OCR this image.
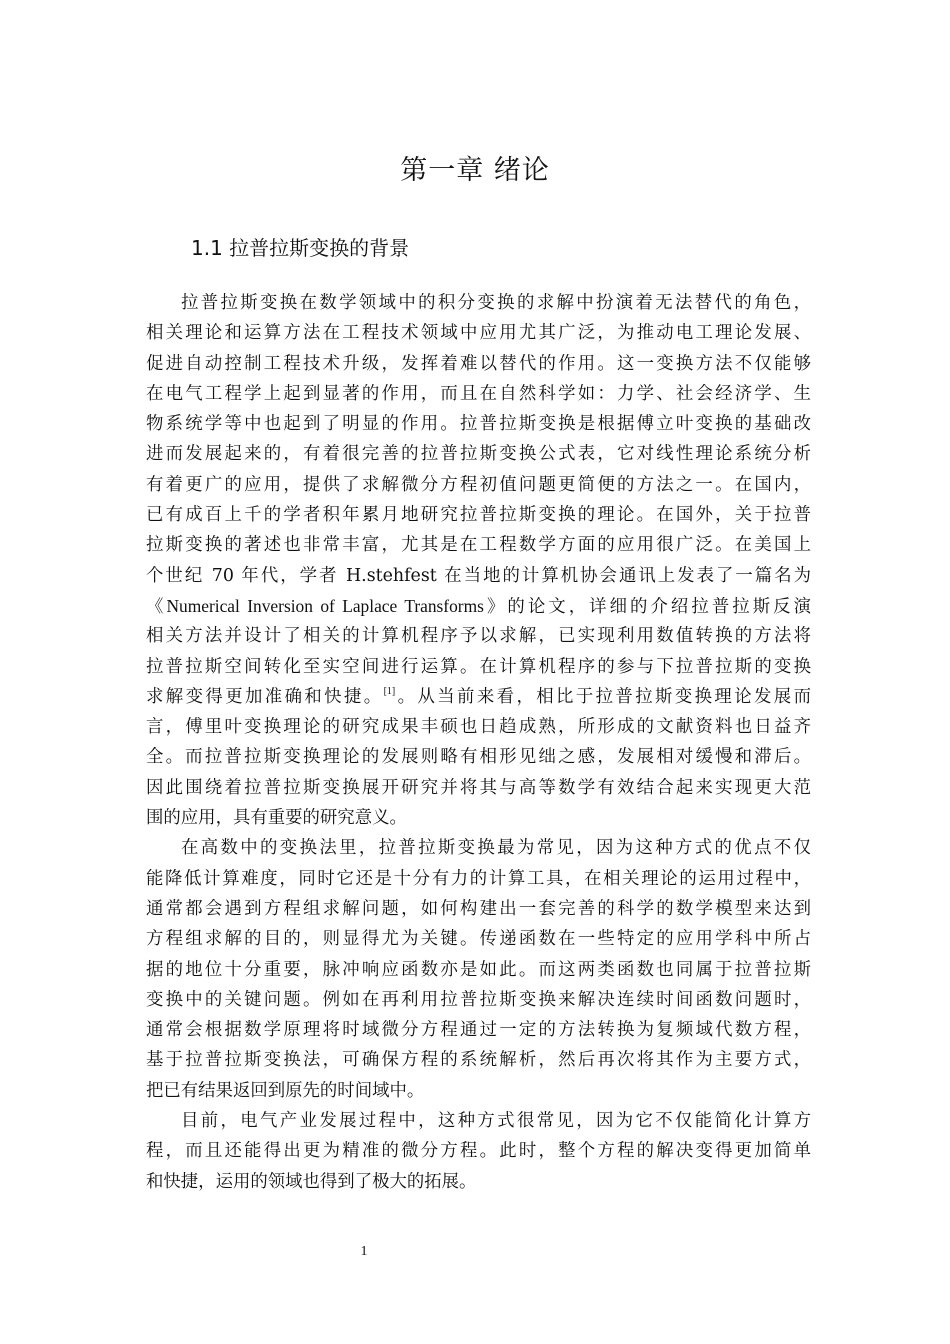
第一章 绪论
1.1 拉普拉斯变换的背景
拉普拉斯变换在数学领域中的积分变换的求解中扮演着无法替代的角色，
相关理论和运算方法在工程技术领域中应用尤其广泛，为推动电工理论发展、
促进自动控制工程技术升级，发挥着难以替代的作用。这一变换方法不仅能够
在电气工程学上起到显著的作用，而且在自然科学如：力学、社会经济学、生
物系统学等中也起到了明显的作用。拉普拉斯变换是根据傅立叶变换的基础改
进而发展起来的，有着很完善的拉普拉斯变换公式表，它对线性理论系统分析
有着更广的应用，提供了求解微分方程初值问题更简便的方法之一。在国内，
已有成百上千的学者积年累月地研究拉普拉斯变换的理论。在国外，关于拉普
拉斯变换的著述也非常丰富，尤其是在工程数学方面的应用很广泛。在美国上
个世纪 70 年代，学者 H.stehfest 在当地的计算机协会通讯上发表了一篇名为
《Numerical Inversion of Laplace Transforms》的论文，详细的介绍拉普拉斯反演
相关方法并设计了相关的计算机程序予以求解，已实现利用数值转换的方法将
拉普拉斯空间转化至实空间进行运算。在计算机程序的参与下拉普拉斯的变换
求解变得更加准确和快捷。[1]。从当前来看，相比于拉普拉斯变换理论发展而
言，傅里叶变换理论的研究成果丰硕也日趋成熟，所形成的文献资料也日益齐
全。而拉普拉斯变换理论的发展则略有相形见绌之感，发展相对缓慢和滞后。
因此围绕着拉普拉斯变换展开研究并将其与高等数学有效结合起来实现更大范
围的应用，具有重要的研究意义。
在高数中的变换法里，拉普拉斯变换最为常见，因为这种方式的优点不仅
能降低计算难度，同时它还是十分有力的计算工具，在相关理论的运用过程中，
通常都会遇到方程组求解问题，如何构建出一套完善的科学的数学模型来达到
方程组求解的目的，则显得尤为关键。传递函数在一些特定的应用学科中所占
据的地位十分重要，脉冲响应函数亦是如此。而这两类函数也同属于拉普拉斯
变换中的关键问题。例如在再利用拉普拉斯变换来解决连续时间函数问题时，
通常会根据数学原理将时域微分方程通过一定的方法转换为复频域代数方程，
基于拉普拉斯变换法，可确保方程的系统解析，然后再次将其作为主要方式，
把已有结果返回到原先的时间域中。
目前，电气产业发展过程中，这种方式很常见，因为它不仅能简化计算方
程，而且还能得出更为精准的微分方程。此时，整个方程的解决变得更加简单
和快捷，运用的领域也得到了极大的拓展。
1
